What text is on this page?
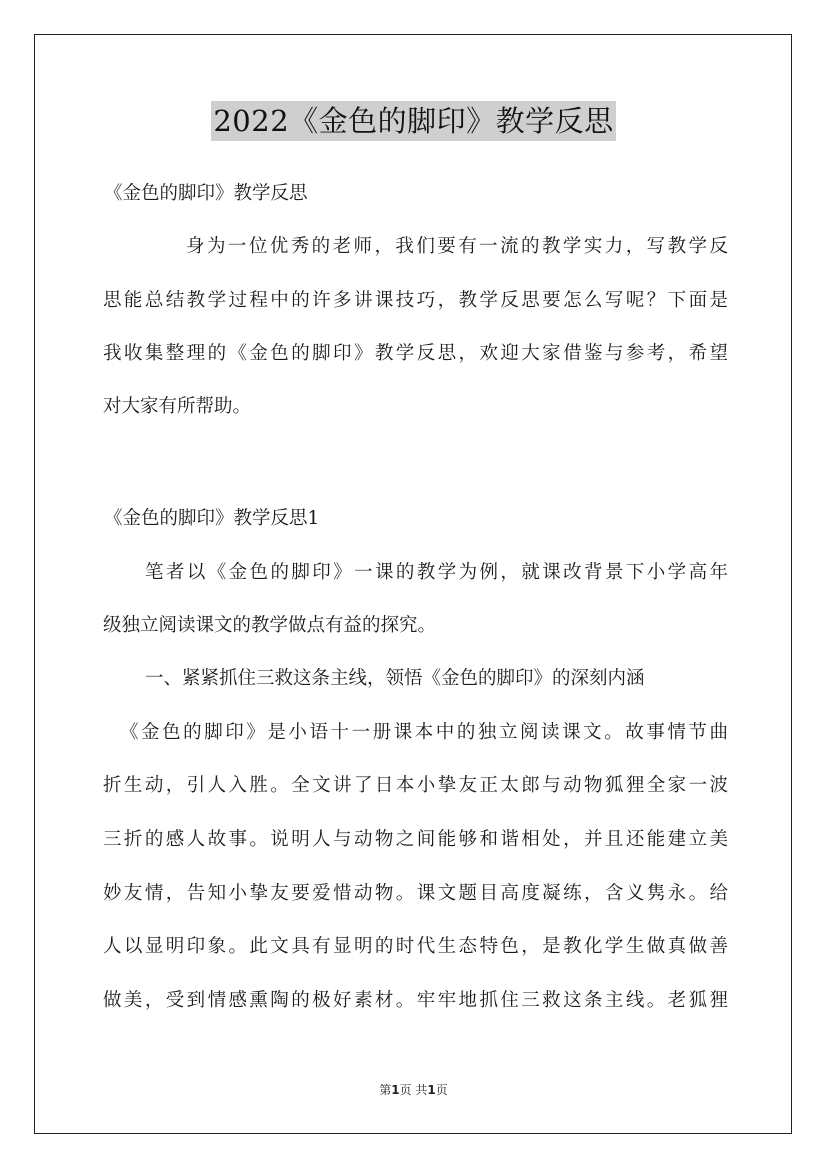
2022《金色的脚印》教学反思
《金色的脚印》教学反思
身为一位优秀的老师，我们要有一流的教学实力，写教学反
思能总结教学过程中的许多讲课技巧，教学反思要怎么写呢？下面是
我收集整理的《金色的脚印》教学反思，欢迎大家借鉴与参考，希望
对大家有所帮助。
《金色的脚印》教学反思1
笔者以《金色的脚印》一课的教学为例，就课改背景下小学高年
级独立阅读课文的教学做点有益的探究。
一、紧紧抓住三救这条主线，领悟《金色的脚印》的深刻内涵
《金色的脚印》是小语十一册课本中的独立阅读课文。故事情节曲
折生动，引人入胜。全文讲了日本小挚友正太郎与动物狐狸全家一波
三折的感人故事。说明人与动物之间能够和谐相处，并且还能建立美
妙友情，告知小挚友要爱惜动物。课文题目高度凝练，含义隽永。给
人以显明印象。此文具有显明的时代生态特色，是教化学生做真做善
做美，受到情感熏陶的极好素材。牢牢地抓住三救这条主线。老狐狸
第1页 共1页
